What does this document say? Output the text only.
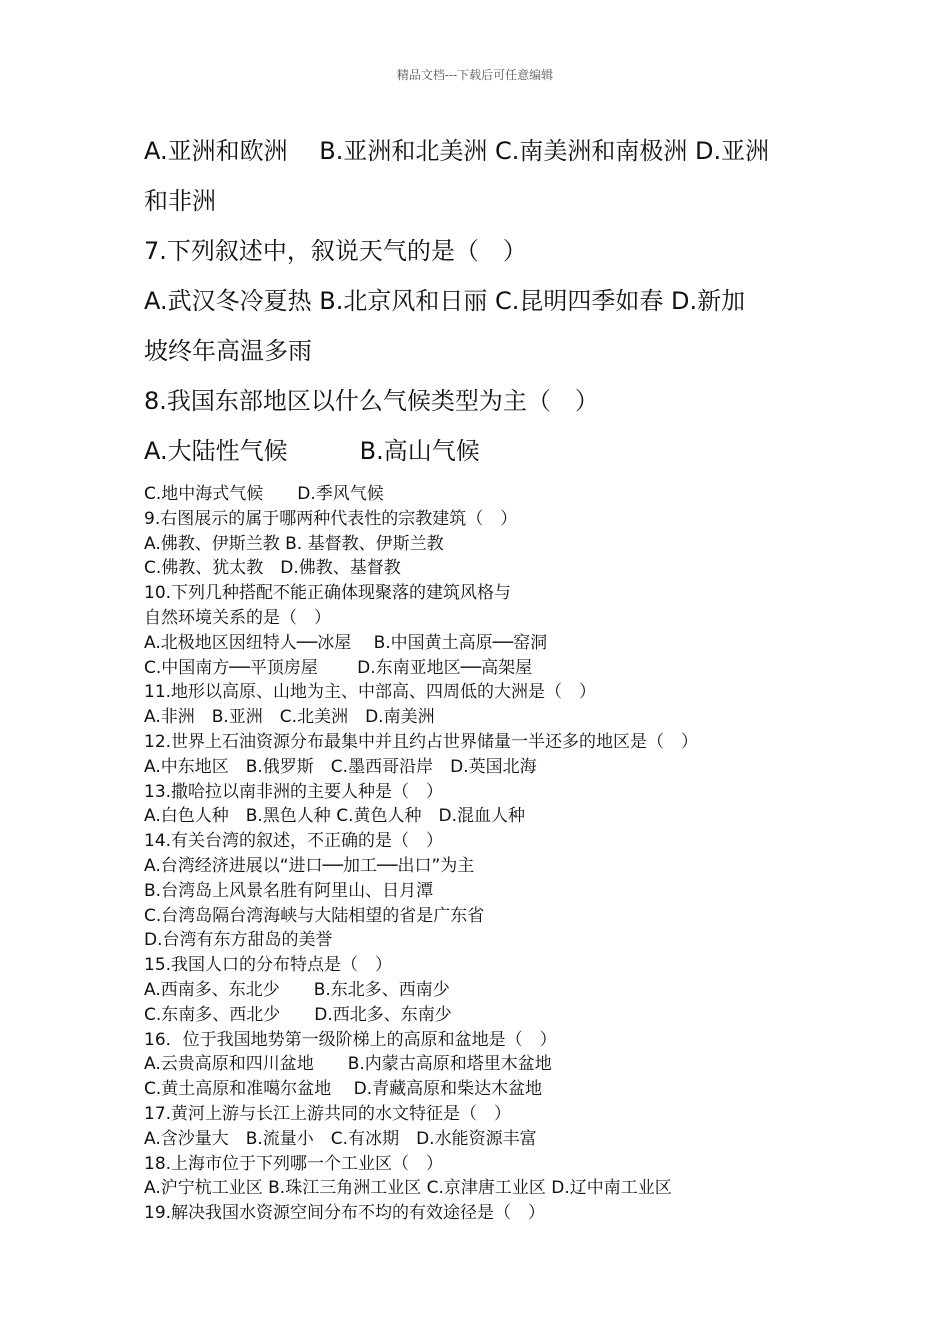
精品文档---下载后可任意编辑
A.亚洲和欧洲　 B.亚洲和北美洲 C.南美洲和南极洲 D.亚洲
和非洲
7.下列叙述中，叙说天气的是（　）
A.武汉冬冷夏热 B.北京风和日丽 C.昆明四季如春 D.新加
坡终年高温多雨
8.我国东部地区以什么气候类型为主（　）
A.大陆性气候　　　B.高山气候
C.地中海式气候　　D.季风气候
9.右图展示的属于哪两种代表性的宗教建筑（　）
A.佛教、伊斯兰教 B. 基督教、伊斯兰教
C.佛教、犹太教　D.佛教、基督教
10.下列几种搭配不能正确体现聚落的建筑风格与
自然环境关系的是（　）
A.北极地区因纽特人──冰屋　 B.中国黄土高原──窑洞
C.中国南方──平顶房屋　　 D.东南亚地区──高架屋
11.地形以高原、山地为主、中部高、四周低的大洲是（　）
A.非洲　B.亚洲　C.北美洲　D.南美洲
12.世界上石油资源分布最集中并且约占世界储量一半还多的地区是（　）
A.中东地区　B.俄罗斯　C.墨西哥沿岸　D.英国北海
13.撒哈拉以南非洲的主要人种是（　）
A.白色人种　B.黑色人种 C.黄色人种　D.混血人种
14.有关台湾的叙述，不正确的是（　）
A.台湾经济进展以“进口──加工──出口”为主
B.台湾岛上风景名胜有阿里山、日月潭
C.台湾岛隔台湾海峡与大陆相望的省是广东省
D.台湾有东方甜岛的美誉
15.我国人口的分布特点是（　）
A.西南多、东北少　　B.东北多、西南少
C.东南多、西北少　　D.西北多、东南少
16．位于我国地势第一级阶梯上的高原和盆地是（　）
A.云贵高原和四川盆地　　B.内蒙古高原和塔里木盆地
C.黄土高原和准噶尔盆地　 D.青藏高原和柴达木盆地
17.黄河上游与长江上游共同的水文特征是（　）
A.含沙量大　B.流量小　C.有冰期　D.水能资源丰富
18.上海市位于下列哪一个工业区（　）
A.沪宁杭工业区 B.珠江三角洲工业区 C.京津唐工业区 D.辽中南工业区
19.解决我国水资源空间分布不均的有效途径是（　）
